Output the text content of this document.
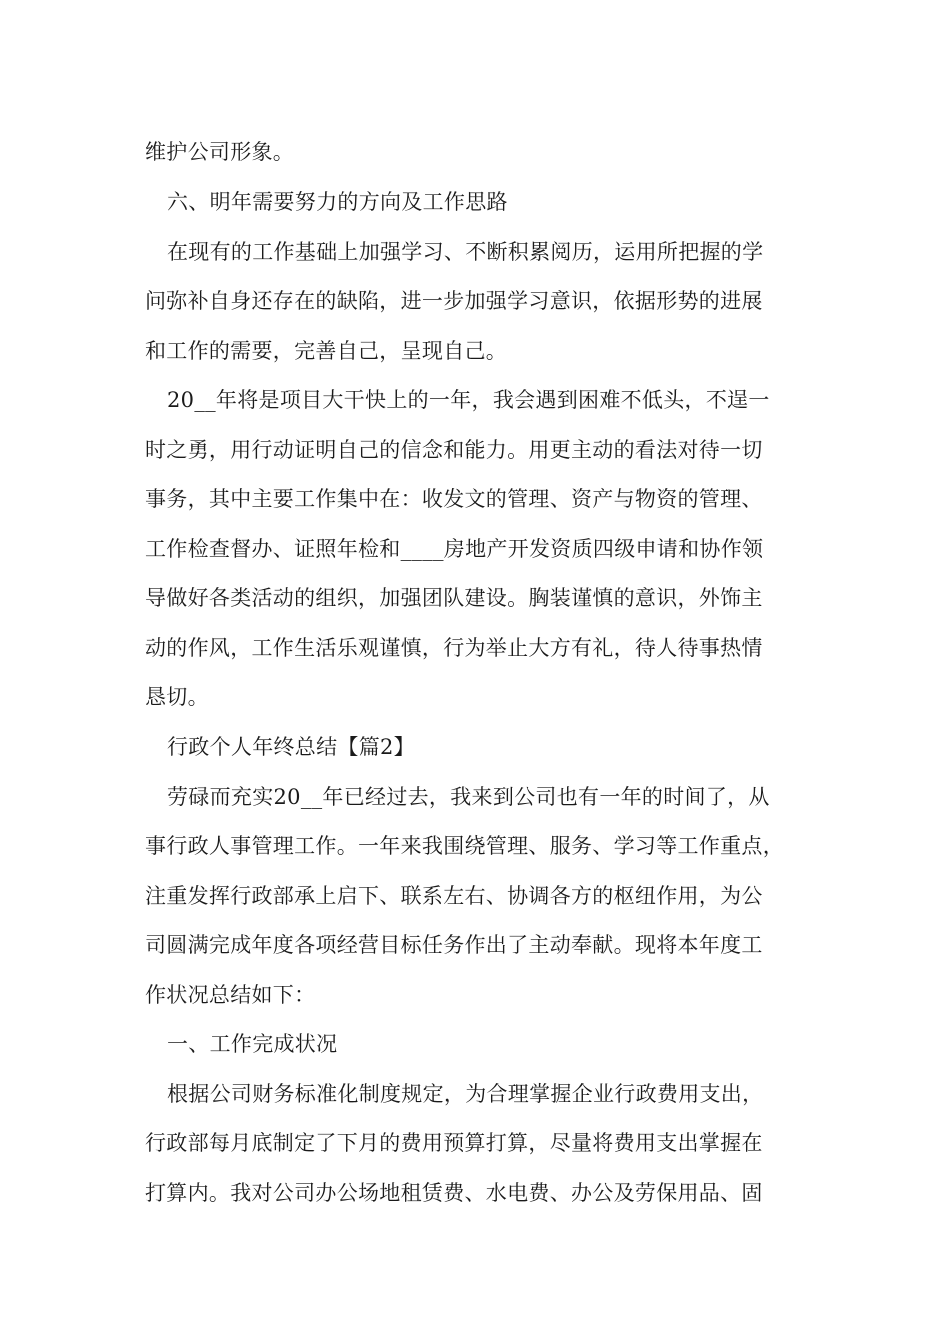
维护公司形象。
六、明年需要努力的方向及工作思路
在现有的工作基础上加强学习、不断积累阅历，运用所把握的学
问弥补自身还存在的缺陷，进一步加强学习意识，依据形势的进展
和工作的需要，完善自己，呈现自己。
20__年将是项目大干快上的一年，我会遇到困难不低头，不逞一
时之勇，用行动证明自己的信念和能力。用更主动的看法对待一切
事务，其中主要工作集中在：收发文的管理、资产与物资的管理、
工作检查督办、证照年检和____房地产开发资质四级申请和协作领
导做好各类活动的组织，加强团队建设。胸装谨慎的意识，外饰主
动的作风，工作生活乐观谨慎，行为举止大方有礼，待人待事热情
恳切。
行政个人年终总结【篇2】
劳碌而充实20__年已经过去，我来到公司也有一年的时间了，从
事行政人事管理工作。一年来我围绕管理、服务、学习等工作重点，
注重发挥行政部承上启下、联系左右、协调各方的枢纽作用，为公
司圆满完成年度各项经营目标任务作出了主动奉献。现将本年度工
作状况总结如下：
一、工作完成状况
根据公司财务标准化制度规定，为合理掌握企业行政费用支出，
行政部每月底制定了下月的费用预算打算，尽量将费用支出掌握在
打算内。我对公司办公场地租赁费、水电费、办公及劳保用品、固
